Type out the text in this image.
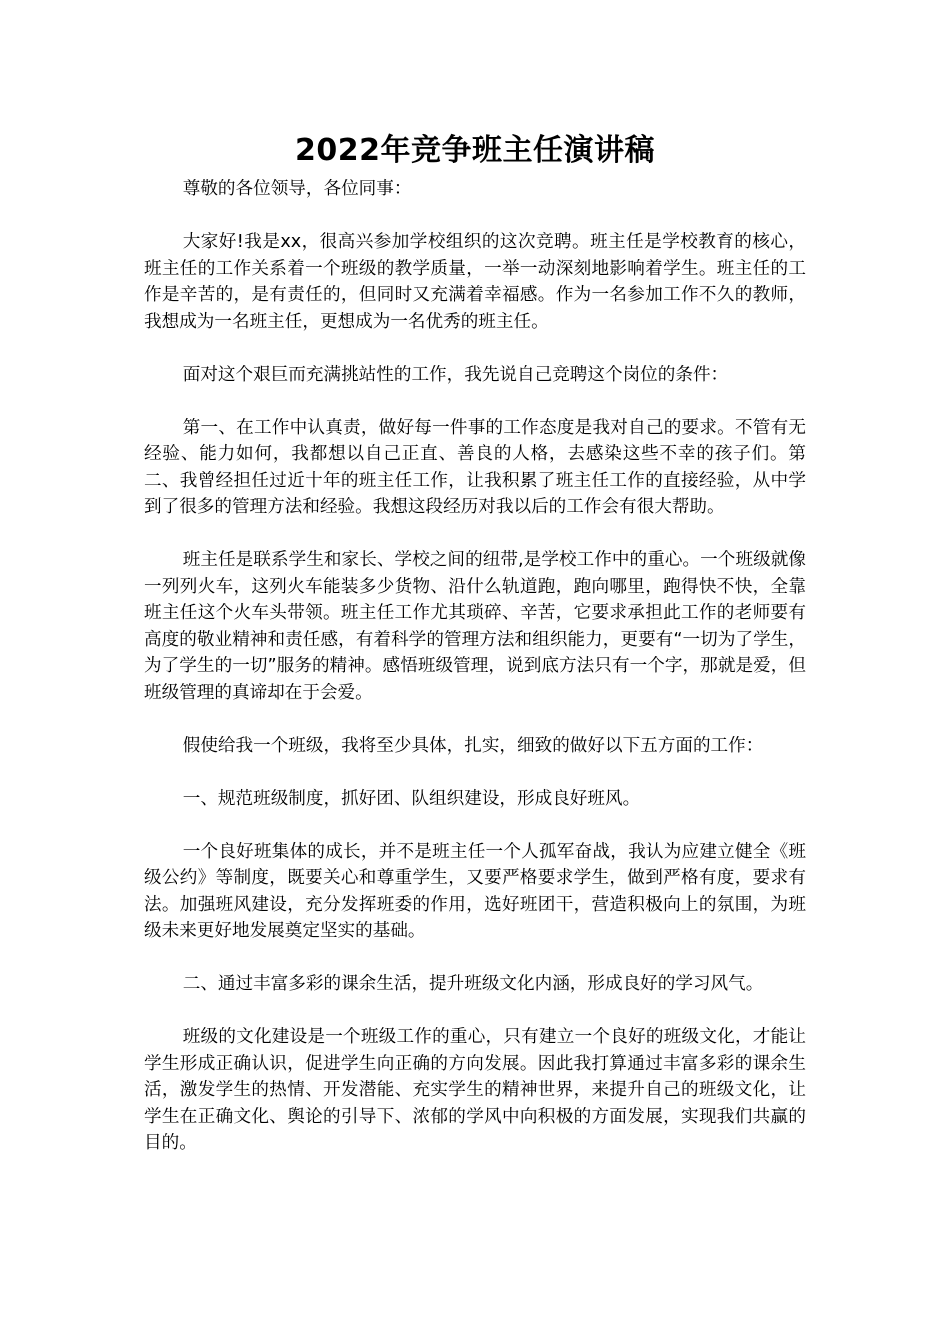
2022年竞争班主任演讲稿

尊敬的各位领导，各位同事：

大家好!我是xx，很高兴参加学校组织的这次竞聘。班主任是学校教育的核心，班主任的工作关系着一个班级的教学质量，一举一动深刻地影响着学生。班主任的工作是辛苦的，是有责任的，但同时又充满着幸福感。作为一名参加工作不久的教师，我想成为一名班主任，更想成为一名优秀的班主任。

面对这个艰巨而充满挑站性的工作，我先说自己竞聘这个岗位的条件：

第一、在工作中认真责，做好每一件事的工作态度是我对自己的要求。不管有无经验、能力如何，我都想以自己正直、善良的人格，去感染这些不幸的孩子们。第二、我曾经担任过近十年的班主任工作，让我积累了班主任工作的直接经验，从中学到了很多的管理方法和经验。我想这段经历对我以后的工作会有很大帮助。

班主任是联系学生和家长、学校之间的纽带,是学校工作中的重心。一个班级就像一列列火车，这列火车能装多少货物、沿什么轨道跑，跑向哪里，跑得快不快，全靠班主任这个火车头带领。班主任工作尤其琐碎、辛苦，它要求承担此工作的老师要有高度的敬业精神和责任感，有着科学的管理方法和组织能力，更要有“一切为了学生，为了学生的一切”服务的精神。感悟班级管理，说到底方法只有一个字，那就是爱，但班级管理的真谛却在于会爱。

假使给我一个班级，我将至少具体，扎实，细致的做好以下五方面的工作：

一、规范班级制度，抓好团、队组织建设，形成良好班风。

一个良好班集体的成长，并不是班主任一个人孤军奋战，我认为应建立健全《班级公约》等制度，既要关心和尊重学生，又要严格要求学生，做到严格有度，要求有法。加强班风建设，充分发挥班委的作用，选好班团干，营造积极向上的氛围，为班级未来更好地发展奠定坚实的基础。

二、通过丰富多彩的课余生活，提升班级文化内涵，形成良好的学习风气。

班级的文化建设是一个班级工作的重心，只有建立一个良好的班级文化，才能让学生形成正确认识，促进学生向正确的方向发展。因此我打算通过丰富多彩的课余生活，激发学生的热情、开发潜能、充实学生的精神世界，来提升自己的班级文化，让学生在正确文化、舆论的引导下、浓郁的学风中向积极的方面发展，实现我们共赢的目的。
